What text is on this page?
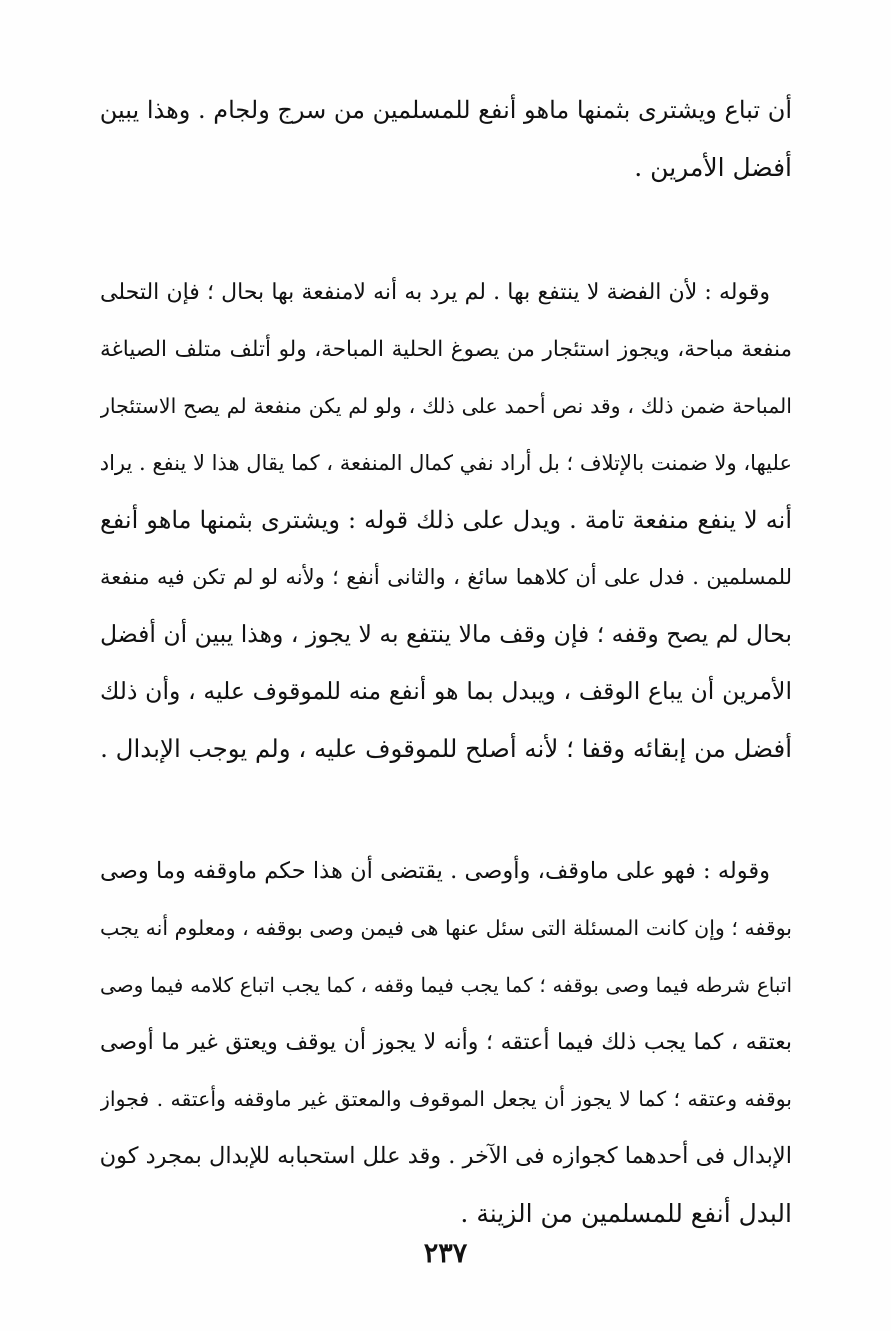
أن تباع ويشترى بثمنها ماهو أنفع للمسلمين من سرج ولجام . وهذا يبين
أفضل الأمرين .
وقوله : لأن الفضة لا ينتفع بها . لم يرد به أنه لامنفعة بها بحال ؛ فإن التحلى
منفعة مباحة، ويجوز استئجار من يصوغ الحلية المباحة، ولو أتلف متلف الصياغة
المباحة ضمن ذلك ، وقد نص أحمد على ذلك ، ولو لم يكن منفعة لم يصح الاستئجار
عليها، ولا ضمنت بالإتلاف ؛ بل أراد نفي كمال المنفعة ، كما يقال هذا لا ينفع . يراد
أنه لا ينفع منفعة تامة . ويدل على ذلك قوله : ويشترى بثمنها ماهو أنفع
للمسلمين . فدل على أن كلاهما سائغ ، والثانى أنفع ؛ ولأنه لو لم تكن فيه منفعة
بحال لم يصح وقفه ؛ فإن وقف مالا ينتفع به لا يجوز ، وهذا يبين أن أفضل
الأمرين أن يباع الوقف ، ويبدل بما هو أنفع منه للموقوف عليه ، وأن ذلك
أفضل من إبقائه وقفا ؛ لأنه أصلح للموقوف عليه ، ولم يوجب الإبدال .
وقوله : فهو على ماوقف، وأوصى . يقتضى أن هذا حكم ماوقفه وما وصى
بوقفه ؛ وإن كانت المسئلة التى سئل عنها هى فيمن وصى بوقفه ، ومعلوم أنه يجب
اتباع شرطه فيما وصى بوقفه ؛ كما يجب فيما وقفه ، كما يجب اتباع كلامه فيما وصى
بعتقه ، كما يجب ذلك فيما أعتقه ؛ وأنه لا يجوز أن يوقف ويعتق غير ما أوصى
بوقفه وعتقه ؛ كما لا يجوز أن يجعل الموقوف والمعتق غير ماوقفه وأعتقه . فجواز
الإبدال فى أحدهما كجوازه فى الآخر . وقد علل استحبابه للإبدال بمجرد كون
البدل أنفع للمسلمين من الزينة .
٢٣٧
